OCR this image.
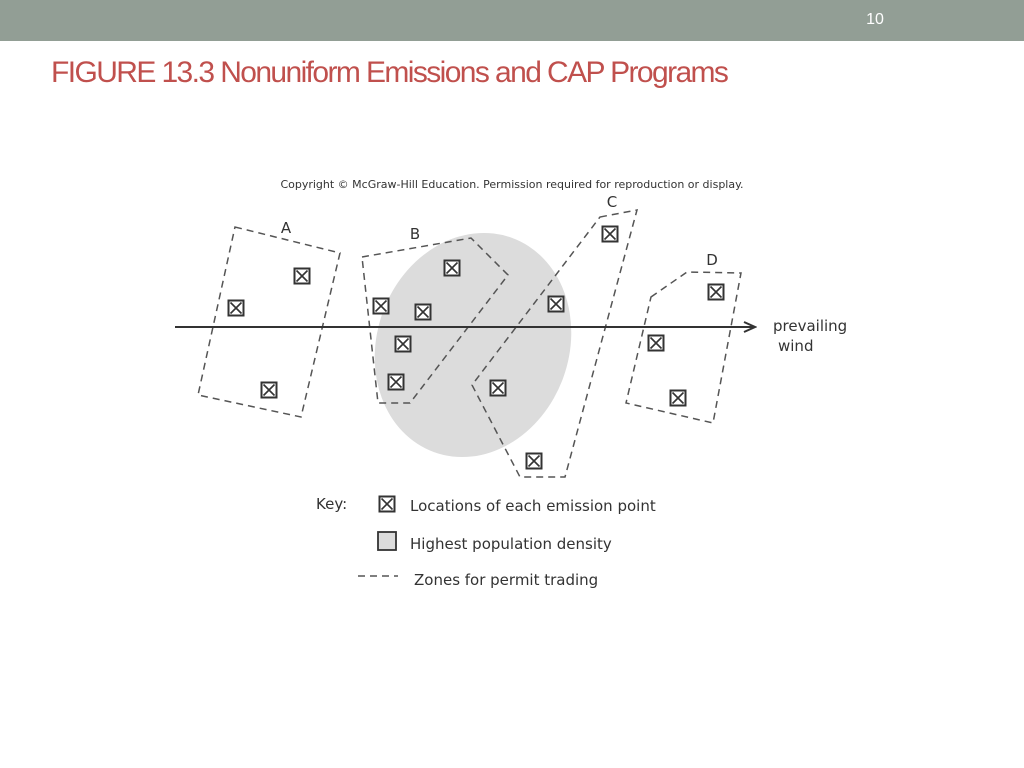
10
FIGURE 13.3 Nonuniform Emissions and CAP Programs
Copyright © McGraw-Hill Education. Permission required for reproduction or display.
A	B
C
D
prevailing
wind
Key:	Locations of each emission point
Highest population density
Zones for permit trading
